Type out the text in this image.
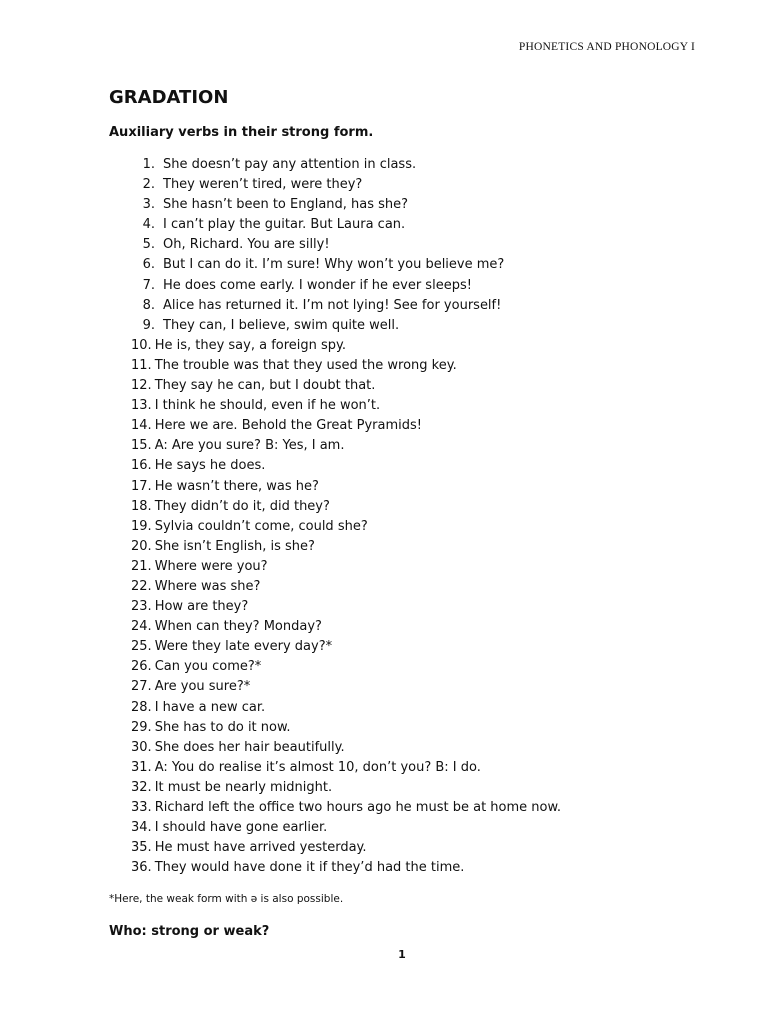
PHONETICS AND PHONOLOGY I
GRADATION
Auxiliary verbs in their strong form.
1. She doesn’t pay any attention in class.
2. They weren’t tired, were they?
3. She hasn’t been to England, has she?
4. I can’t play the guitar. But Laura can.
5. Oh, Richard. You are silly!
6. But I can do it. I’m sure! Why won’t you believe me?
7. He does come early. I wonder if he ever sleeps!
8. Alice has returned it. I’m not lying! See for yourself!
9. They can, I believe, swim quite well.
10. He is, they say, a foreign spy.
11. The trouble was that they used the wrong key.
12. They say he can, but I doubt that.
13. I think he should, even if he won’t.
14. Here we are. Behold the Great Pyramids!
15. A: Are you sure? B: Yes, I am.
16. He says he does.
17. He wasn’t there, was he?
18. They didn’t do it, did they?
19. Sylvia couldn’t come, could she?
20. She isn’t English, is she?
21. Where were you?
22. Where was she?
23. How are they?
24. When can they? Monday?
25. Were they late every day?*
26. Can you come?*
27. Are you sure?*
28. I have a new car.
29. She has to do it now.
30. She does her hair beautifully.
31. A: You do realise it’s almost 10, don’t you? B: I do.
32. It must be nearly midnight.
33. Richard left the office two hours ago he must be at home now.
34. I should have gone earlier.
35. He must have arrived yesterday.
36. They would have done it if they’d had the time.
*Here, the weak form with ə is also possible.
Who: strong or weak?
1
